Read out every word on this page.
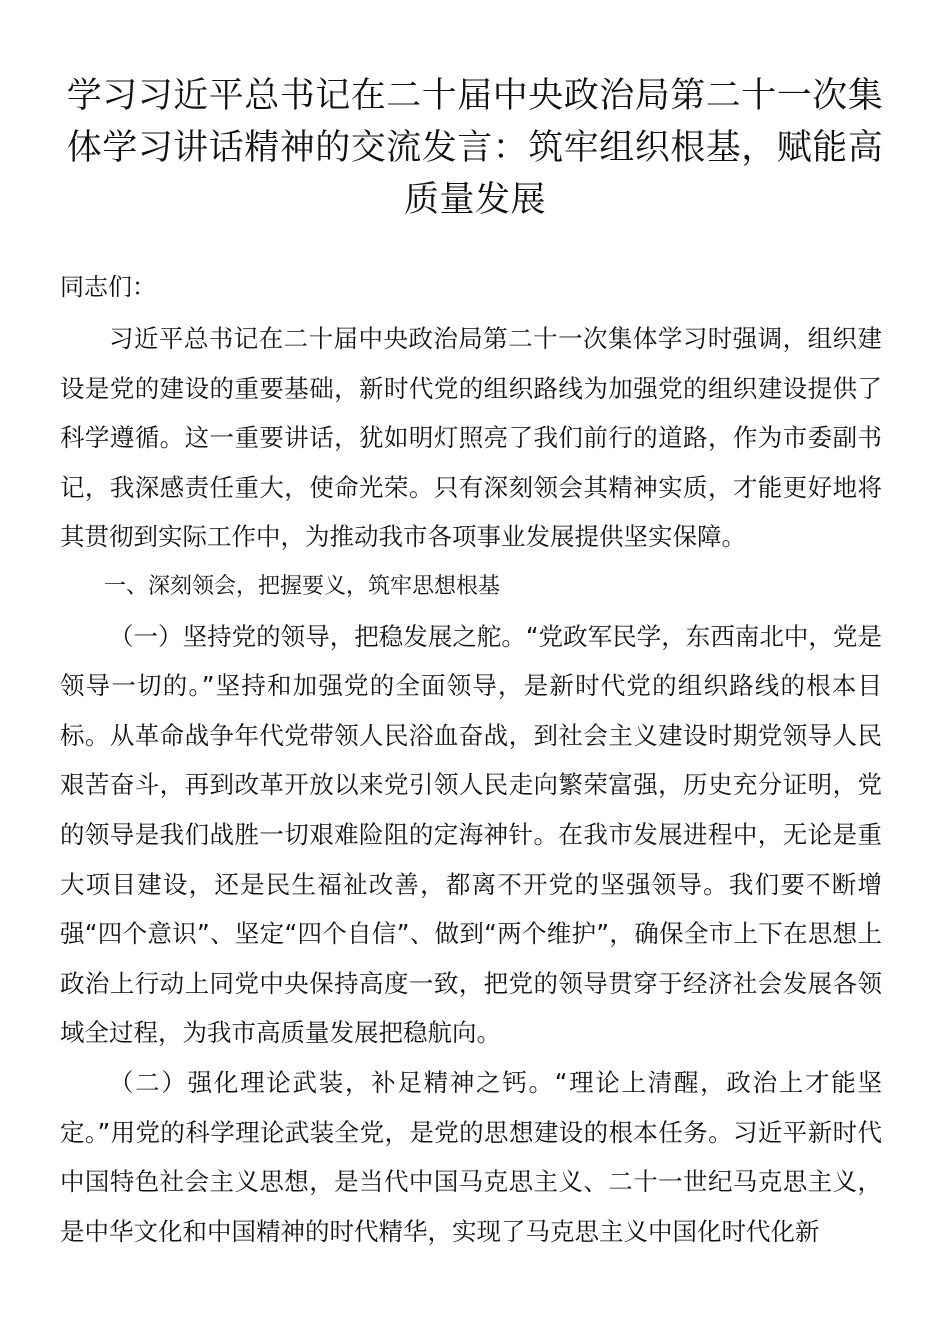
学习习近平总书记在二十届中央政治局第二十一次集体学习讲话精神的交流发言：筑牢组织根基，赋能高质量发展
同志们：

习近平总书记在二十届中央政治局第二十一次集体学习时强调，组织建设是党的建设的重要基础，新时代党的组织路线为加强党的组织建设提供了科学遵循。这一重要讲话，犹如明灯照亮了我们前行的道路，作为市委副书记，我深感责任重大，使命光荣。只有深刻领会其精神实质，才能更好地将其贯彻到实际工作中，为推动我市各项事业发展提供坚实保障。

一、深刻领会，把握要义，筑牢思想根基

（一）坚持党的领导，把稳发展之舵。“党政军民学，东西南北中，党是领导一切的。”坚持和加强党的全面领导，是新时代党的组织路线的根本目标。从革命战争年代党带领人民浴血奋战，到社会主义建设时期党领导人民艰苦奋斗，再到改革开放以来党引领人民走向繁荣富强，历史充分证明，党的领导是我们战胜一切艰难险阻的定海神针。在我市发展进程中，无论是重大项目建设，还是民生福祉改善，都离不开党的坚强领导。我们要不断增强“四个意识”、坚定“四个自信”、做到“两个维护”，确保全市上下在思想上政治上行动上同党中央保持高度一致，把党的领导贯穿于经济社会发展各领域全过程，为我市高质量发展把稳航向。

（二）强化理论武装，补足精神之钙。“理论上清醒，政治上才能坚定。”用党的科学理论武装全党，是党的思想建设的根本任务。习近平新时代中国特色社会主义思想，是当代中国马克思主义、二十一世纪马克思主义，是中华文化和中国精神的时代精华，实现了马克思主义中国化时代化新
